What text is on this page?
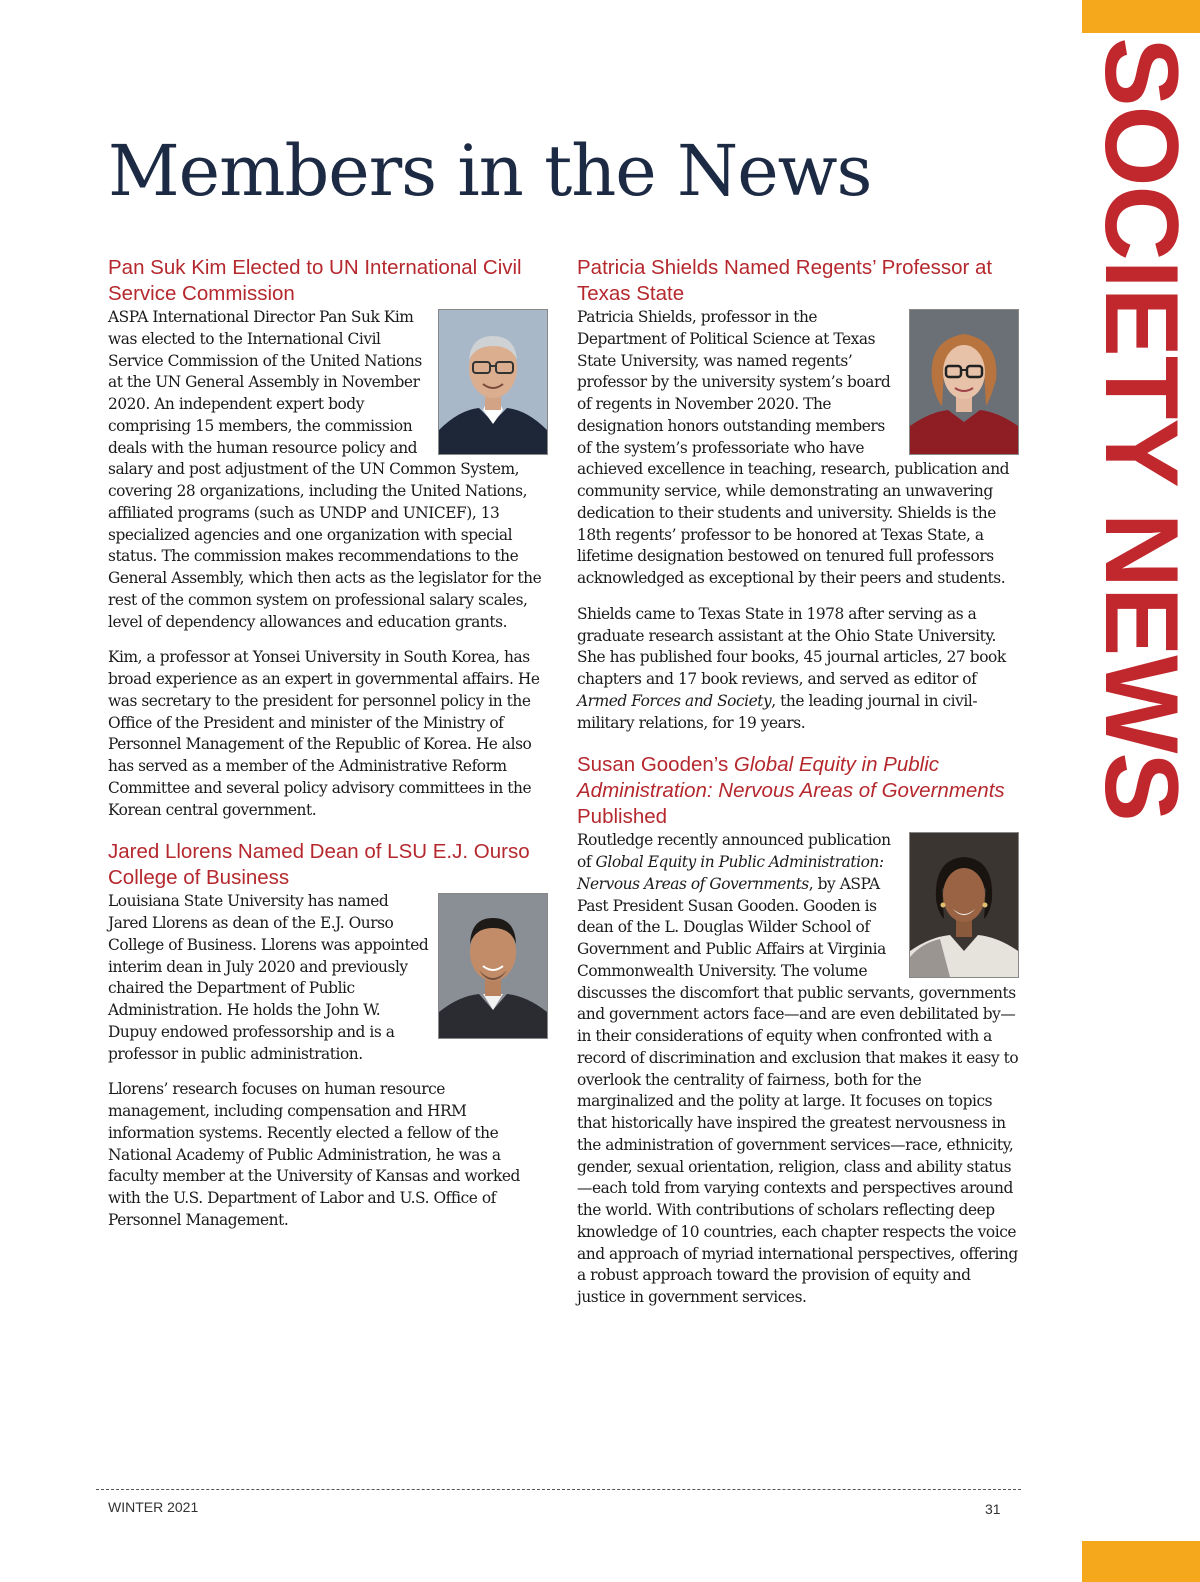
SOCIETY NEWS
Members in the News
Pan Suk Kim Elected to UN International Civil Service Commission

ASPA International Director Pan Suk Kim was elected to the International Civil Service Commission of the United Nations at the UN General Assembly in November 2020. An independent expert body comprising 15 members, the commission deals with the human resource policy and salary and post adjustment of the UN Common System, covering 28 organizations, including the United Nations, affiliated programs (such as UNDP and UNICEF), 13 specialized agencies and one organization with special status. The commission makes recommendations to the General Assembly, which then acts as the legislator for the rest of the common system on professional salary scales, level of dependency allowances and education grants.

Kim, a professor at Yonsei University in South Korea, has broad experience as an expert in governmental affairs. He was secretary to the president for personnel policy in the Office of the President and minister of the Ministry of Personnel Management of the Republic of Korea. He also has served as a member of the Administrative Reform Committee and several policy advisory committees in the Korean central government.

Jared Llorens Named Dean of LSU E.J. Ourso College of Business

Louisiana State University has named Jared Llorens as dean of the E.J. Ourso College of Business. Llorens was appointed interim dean in July 2020 and previously chaired the Department of Public Administration. He holds the John W. Dupuy endowed professorship and is a professor in public administration.

Llorens’ research focuses on human resource management, including compensation and HRM information systems. Recently elected a fellow of the National Academy of Public Administration, he was a faculty member at the University of Kansas and worked with the U.S. Department of Labor and U.S. Office of Personnel Management.

Patricia Shields Named Regents’ Professor at Texas State

Patricia Shields, professor in the Department of Political Science at Texas State University, was named regents’ professor by the university system’s board of regents in November 2020. The designation honors outstanding members of the system’s professoriate who have achieved excellence in teaching, research, publication and community service, while demonstrating an unwavering dedication to their students and university. Shields is the 18th regents’ professor to be honored at Texas State, a lifetime designation bestowed on tenured full professors acknowledged as exceptional by their peers and students.

Shields came to Texas State in 1978 after serving as a graduate research assistant at the Ohio State University. She has published four books, 45 journal articles, 27 book chapters and 17 book reviews, and served as editor of Armed Forces and Society, the leading journal in civil-military relations, for 19 years.

Susan Gooden’s Global Equity in Public Administration: Nervous Areas of Governments Published

Routledge recently announced publication of Global Equity in Public Administration: Nervous Areas of Governments, by ASPA Past President Susan Gooden. Gooden is dean of the L. Douglas Wilder School of Government and Public Affairs at Virginia Commonwealth University. The volume discusses the discomfort that public servants, governments and government actors face—and are even debilitated by—in their considerations of equity when confronted with a record of discrimination and exclusion that makes it easy to overlook the centrality of fairness, both for the marginalized and the polity at large. It focuses on topics that historically have inspired the greatest nervousness in the administration of government services—race, ethnicity, gender, sexual orientation, religion, class and ability status—each told from varying contexts and perspectives around the world. With contributions of scholars reflecting deep knowledge of 10 countries, each chapter respects the voice and approach of myriad international perspectives, offering a robust approach toward the provision of equity and justice in government services.

WINTER 2021	31
